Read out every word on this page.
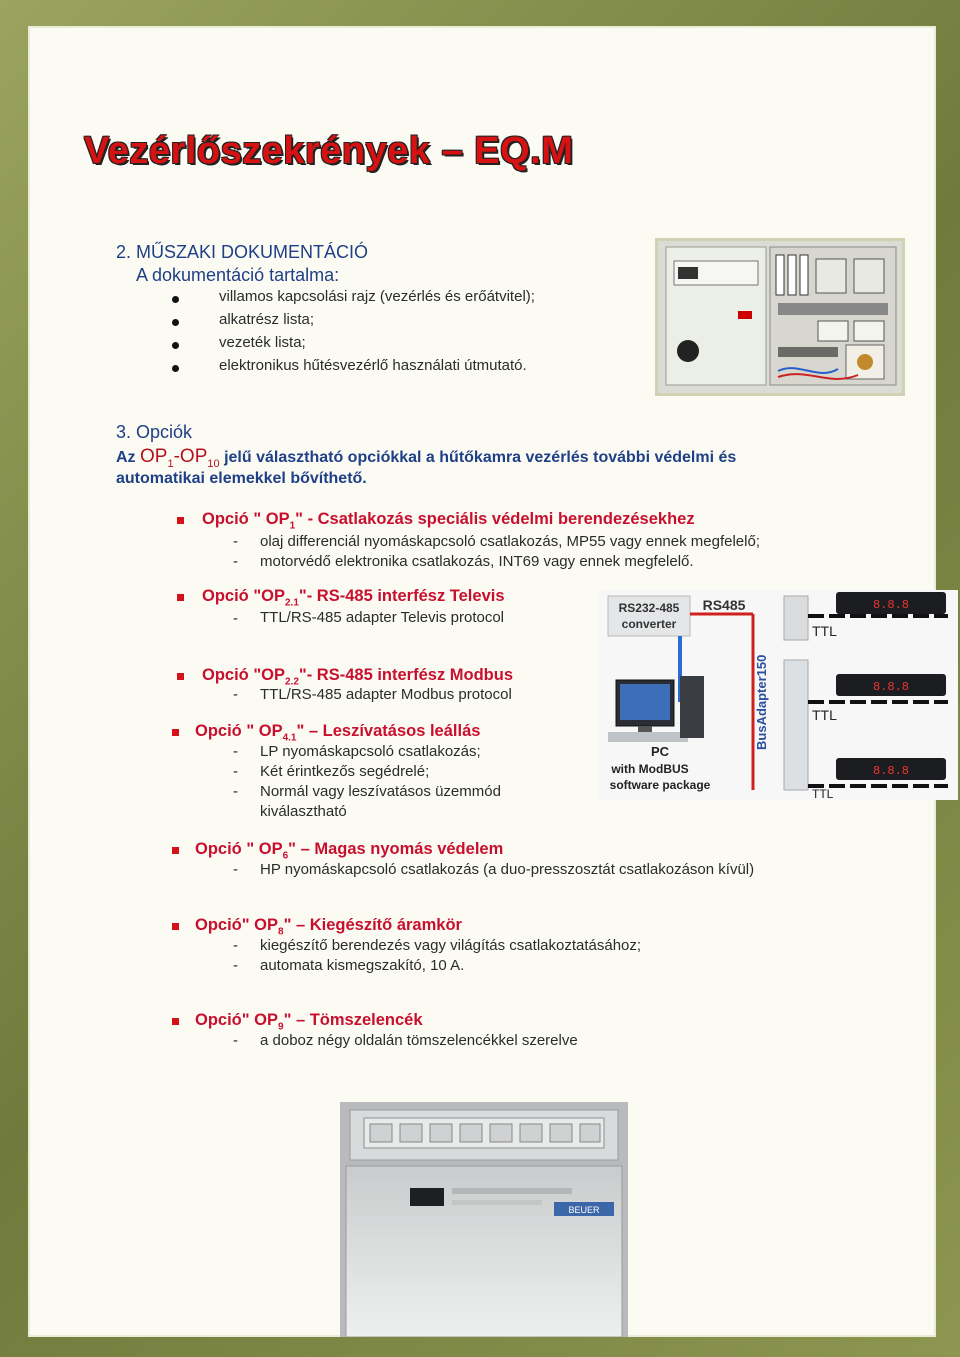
Vezérlőszekrények – EQ.M
2. MŰSZAKI DOKUMENTÁCIÓ
A dokumentáció tartalma:
villamos kapcsolási rajz (vezérlés és erőátvitel);
alkatrész lista;
vezeték lista;
elektronikus hűtésvezérlő használati útmutató.
3. Opciók
Az $OP_1-OP_{10}$ jelű választható opciókkal a hűtőkamra vezérlés további védelmi és
automatikai elemekkel bővíthető.
Opció " $OP_1$" - Csatlakozás speciális védelmi berendezésekhez
- olaj differenciál nyomáskapcsoló csatlakozás, MP55 vagy ennek megfelelő;
- motorvédő elektronika csatlakozás, INT69 vagy ennek megfelelő.
Opció "$OP_{2.1}"-$ RS-485 interfész Televis
- TTL/RS-485 adapter Televis protocol
Opció "$OP_{2.2}"-$ RS-485 interfész Modbus
- TTL/RS-485 adapter Modbus protocol
Opció " $OP_{4.1}$" – Leszívatásos leállás
- LP nyomáskapcsoló csatlakozás;
- Két érintkezős segédrelé;
- Normál vagy leszívatásos üzemmód
kiválasztható
RS232-485
converter
RS485
BusAdapter150
TTL
TTL
TTL
8.8.8
8.8.8
8.8.8
PC
with ModBUS
software package
Opció " $OP_6$" – Magas nyomás védelem
- HP nyomáskapcsoló csatlakozás (a duo-presszosztát csatlakozáson kívül)
Opció" $OP_8$" – Kiegészítő áramkör
- kiegészítő berendezés vagy világítás csatlakoztatásához;
- automata kismegszakító, 10 A.
Opció" $OP_9$" – Tömszelencék
- a doboz négy oldalán tömszelencékkel szerelve
BEUER
